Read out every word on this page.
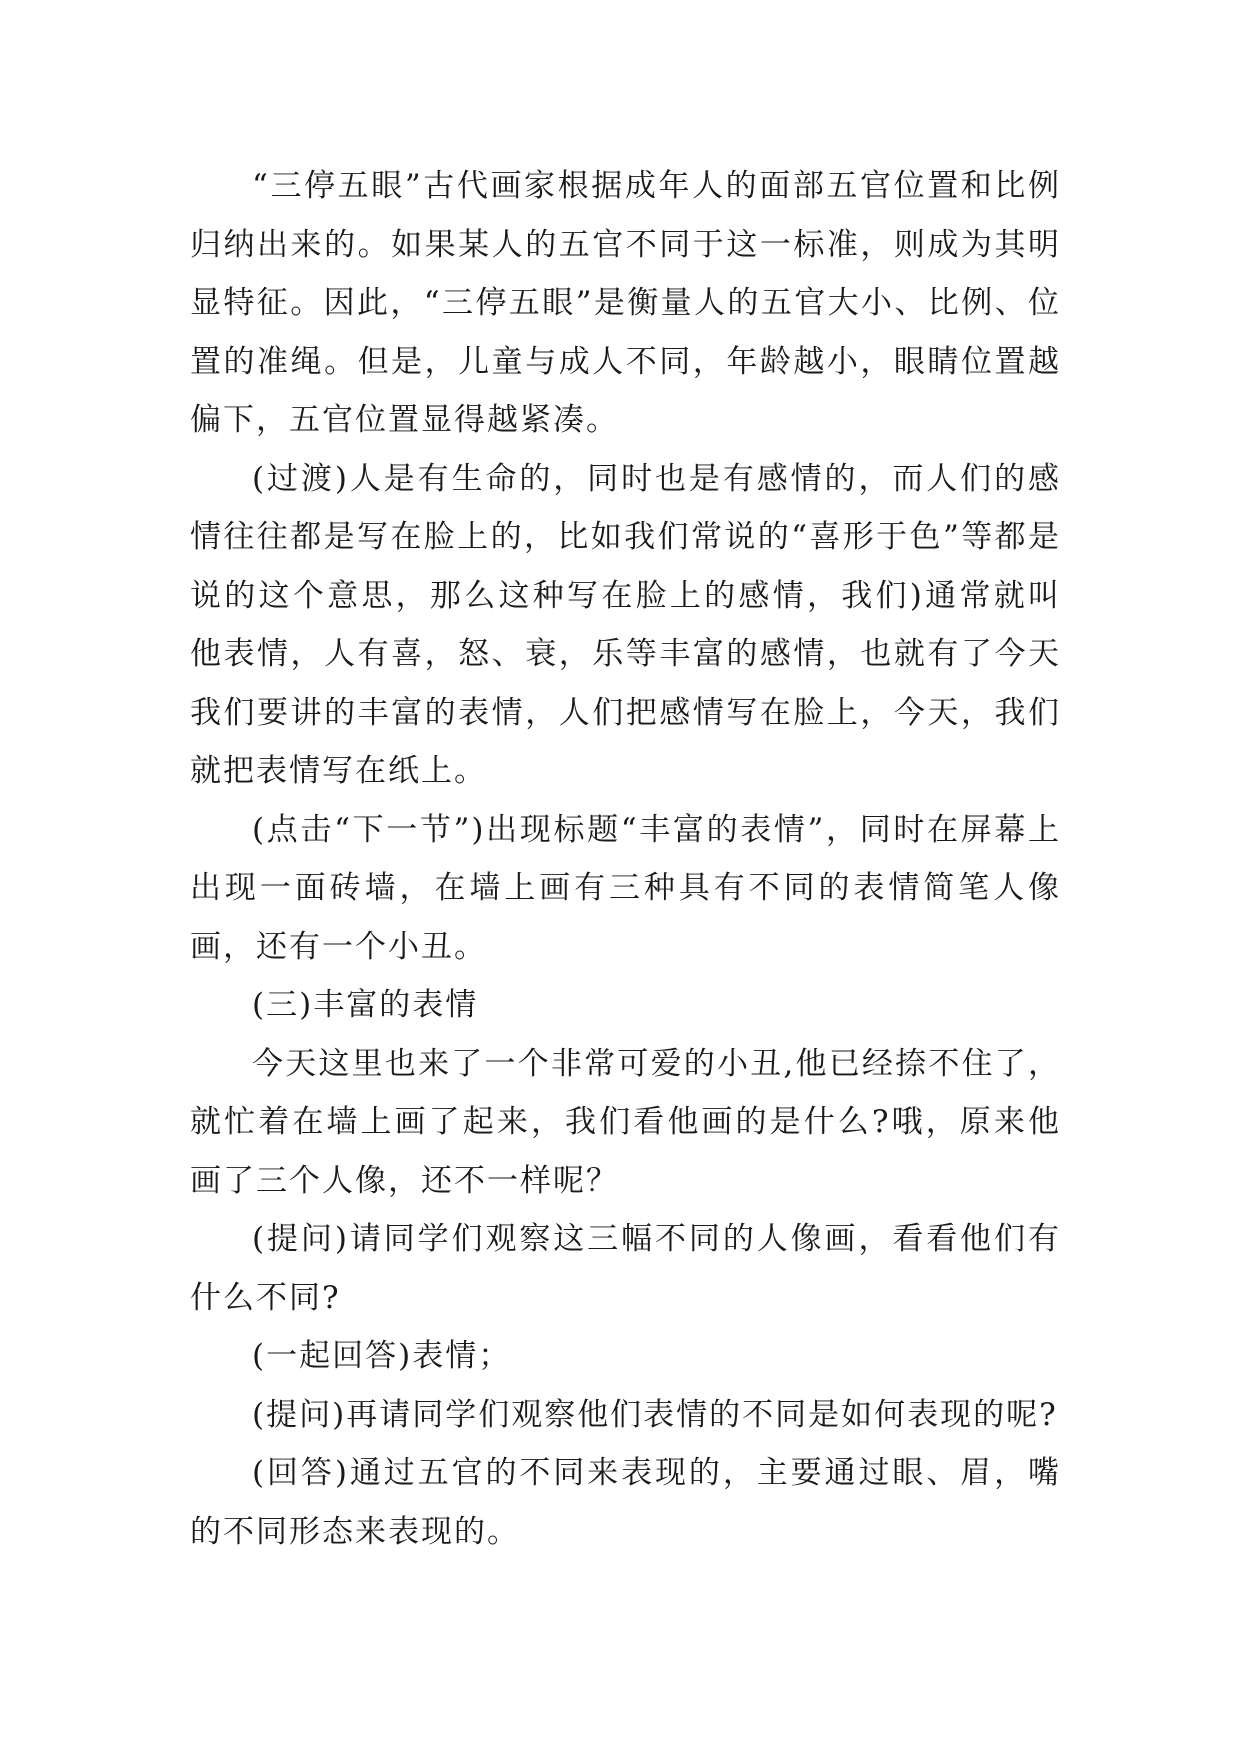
“三停五眼”古代画家根据成年人的面部五官位置和比例归纳出来的。如果某人的五官不同于这一标准，则成为其明显特征。因此，“三停五眼”是衡量人的五官大小、比例、位置的准绳。但是，儿童与成人不同，年龄越小，眼睛位置越偏下，五官位置显得越紧凑。

(过渡)人是有生命的，同时也是有感情的，而人们的感情往往都是写在脸上的，比如我们常说的“喜形于色”等都是说的这个意思，那么这种写在脸上的感情，我们)通常就叫他表情，人有喜，怒、衰，乐等丰富的感情，也就有了今天我们要讲的丰富的表情，人们把感情写在脸上，今天，我们就把表情写在纸上。

(点击“下一节”)出现标题“丰富的表情”，同时在屏幕上出现一面砖墙，在墙上画有三种具有不同的表情简笔人像画，还有一个小丑。

(三)丰富的表情

今天这里也来了一个非常可爱的小丑,他已经捺不住了，就忙着在墙上画了起来，我们看他画的是什么?哦，原来他画了三个人像，还不一样呢？

(提问)请同学们观察这三幅不同的人像画，看看他们有什么不同?

(一起回答)表情；

(提问)再请同学们观察他们表情的不同是如何表现的呢?

(回答)通过五官的不同来表现的，主要通过眼、眉，嘴的不同形态来表现的。
